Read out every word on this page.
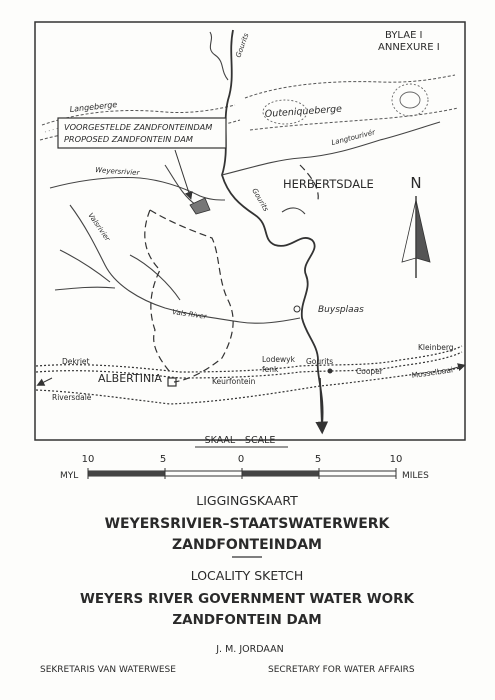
BYLAE I
ANNEXURE I
VOORGESTELDE ZANDFONTEINDAM
PROPOSED ZANDFONTEIN DAM
HERBERTSDALE
ALBERTINIA
Buysplaas
Dekriet
Riversdale
Keurfontein
Lodewyk
fenk
Gourits
Cooper
Kleinberg
Mosselbaai
Langeberge	Outeniqueberge
Langtourivér
Weyersrivier
Valsrivier
Vals River
Gourits
Gourits
N
SKAAL-- SCALE
10	5	0	5	10
MYL	MILES
LIGGINGSKAART
WEYERSRIVIER–STAATSWATERWERK
ZANDFONTEINDAM
LOCALITY SKETCH
WEYERS RIVER GOVERNMENT WATER WORK
ZANDFONTEIN DAM
J. M. JORDAAN
SEKRETARIS VAN WATERWESE	SECRETARY FOR WATER AFFAIRS
